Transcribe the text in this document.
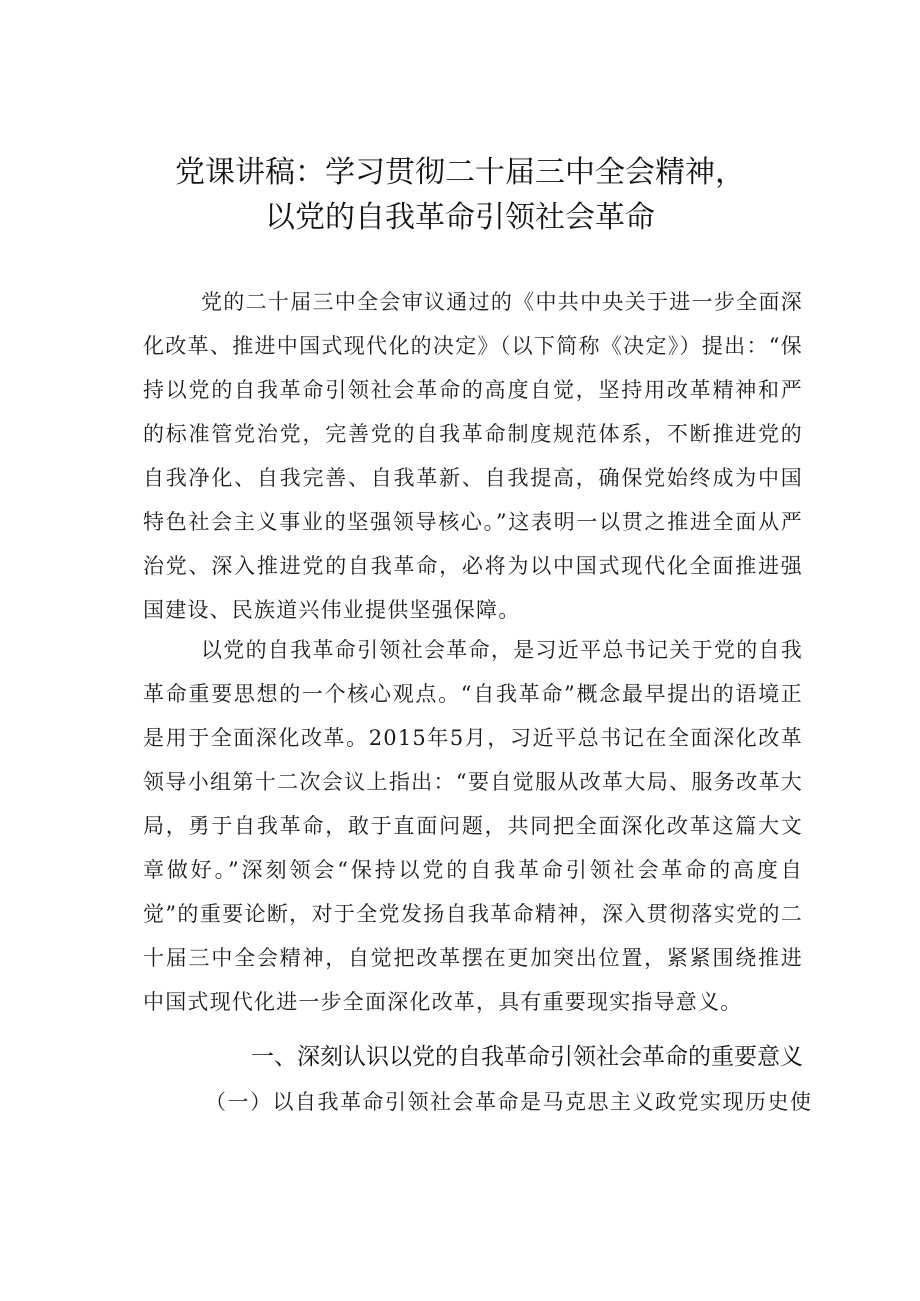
党课讲稿：学习贯彻二十届三中全会精神，
以党的自我革命引领社会革命

党的二十届三中全会审议通过的《中共中央关于进一步全面深化改革、推进中国式现代化的决定》（以下简称《决定》）提出：“保持以党的自我革命引领社会革命的高度自觉，坚持用改革精神和严的标准管党治党，完善党的自我革命制度规范体系，不断推进党的自我净化、自我完善、自我革新、自我提高，确保党始终成为中国特色社会主义事业的坚强领导核心。”这表明一以贯之推进全面从严治党、深入推进党的自我革命，必将为以中国式现代化全面推进强国建设、民族道兴伟业提供坚强保障。

以党的自我革命引领社会革命，是习近平总书记关于党的自我革命重要思想的一个核心观点。“自我革命”概念最早提出的语境正是用于全面深化改革。2015年5月，习近平总书记在全面深化改革领导小组第十二次会议上指出：“要自觉服从改革大局、服务改革大局，勇于自我革命，敢于直面问题，共同把全面深化改革这篇大文章做好。”深刻领会“保持以党的自我革命引领社会革命的高度自觉”的重要论断，对于全党发扬自我革命精神，深入贯彻落实党的二十届三中全会精神，自觉把改革摆在更加突出位置，紧紧围绕推进中国式现代化进一步全面深化改革，具有重要现实指导意义。

一、深刻认识以党的自我革命引领社会革命的重要意义
（一）以自我革命引领社会革命是马克思主义政党实现历史使
